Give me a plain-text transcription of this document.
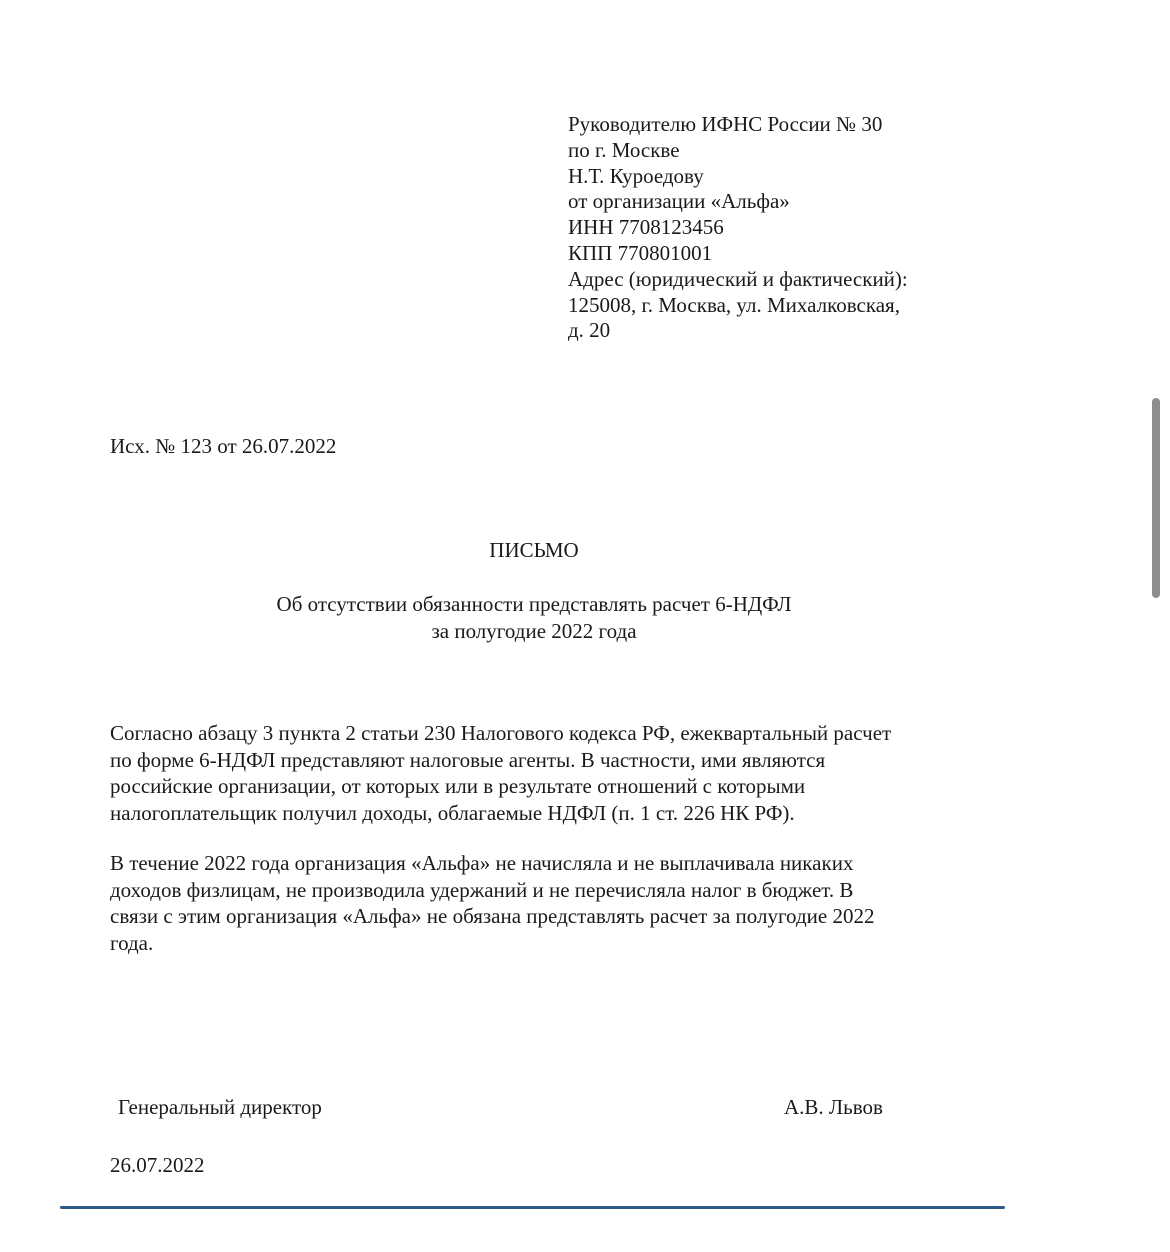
Руководителю ИФНС России № 30
по г. Москве
Н.Т. Куроедову
от организации «Альфа»
ИНН 7708123456
КПП 770801001
Адрес (юридический и фактический):
125008, г. Москва, ул. Михалковская,
д. 20
Исх. № 123 от 26.07.2022
ПИСЬМО
Об отсутствии обязанности представлять расчет 6-НДФЛ
за полугодие 2022 года
Согласно абзацу 3 пункта 2 статьи 230 Налогового кодекса РФ, ежеквартальный расчет
по форме 6-НДФЛ представляют налоговые агенты. В частности, ими являются
российские организации, от которых или в результате отношений с которыми
налогоплательщик получил доходы, облагаемые НДФЛ (п. 1 ст. 226 НК РФ).
В течение 2022 года организация «Альфа» не начисляла и не выплачивала никаких
доходов физлицам, не производила удержаний и не перечисляла налог в бюджет. В
связи с этим организация «Альфа» не обязана представлять расчет за полугодие 2022
года.
Генеральный директор	А.В. Львов
26.07.2022
